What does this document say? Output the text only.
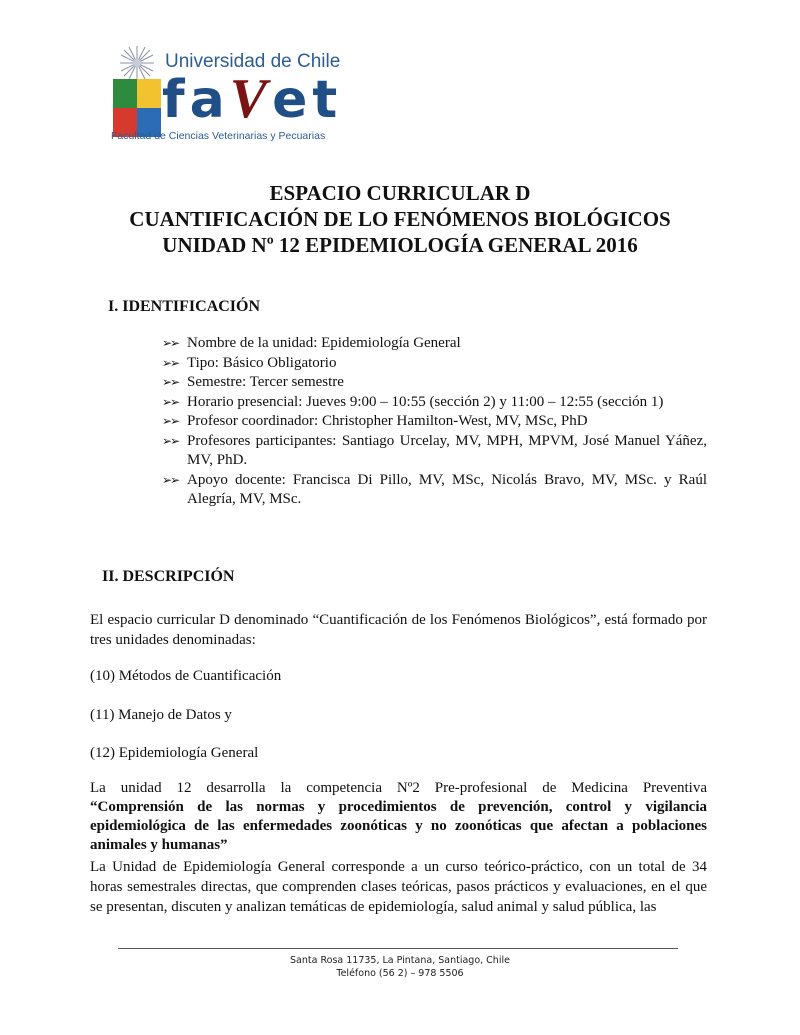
Universidad de Chile
faVet
Facultad de Ciencias Veterinarias y Pecuarias
ESPACIO CURRICULAR D
CUANTIFICACIÓN DE LO FENÓMENOS BIOLÓGICOS
UNIDAD Nº 12 EPIDEMIOLOGÍA GENERAL 2016
I. IDENTIFICACIÓN
➢➢ Nombre de la unidad: Epidemiología General
➢➢ Tipo: Básico Obligatorio
➢➢ Semestre: Tercer semestre
➢➢ Horario presencial: Jueves 9:00 – 10:55 (sección 2) y 11:00 – 12:55 (sección 1)
➢➢ Profesor coordinador: Christopher Hamilton-West, MV, MSc, PhD
➢➢ Profesores participantes: Santiago Urcelay, MV, MPH, MPVM, José Manuel Yáñez, MV, PhD.
➢➢ Apoyo docente: Francisca Di Pillo, MV, MSc, Nicolás Bravo, MV, MSc. y Raúl Alegría, MV, MSc.
II. DESCRIPCIÓN
El espacio curricular D denominado “Cuantificación de los Fenómenos Biológicos”, está formado por tres unidades denominadas:
(10) Métodos de Cuantificación
(11) Manejo de Datos y
(12) Epidemiología General
La unidad 12 desarrolla la competencia Nº2 Pre-profesional de Medicina Preventiva
“Comprensión de las normas y procedimientos de prevención, control y vigilancia epidemiológica de las enfermedades zoonóticas y no zoonóticas que afectan a poblaciones animales y humanas”
La Unidad de Epidemiología General corresponde a un curso teórico-práctico, con un total de 34 horas semestrales directas, que comprenden clases teóricas, pasos prácticos y evaluaciones, en el que se presentan, discuten y analizan temáticas de epidemiología, salud animal y salud pública, las
Santa Rosa 11735, La Pintana, Santiago, Chile
Teléfono (56 2) – 978 5506
